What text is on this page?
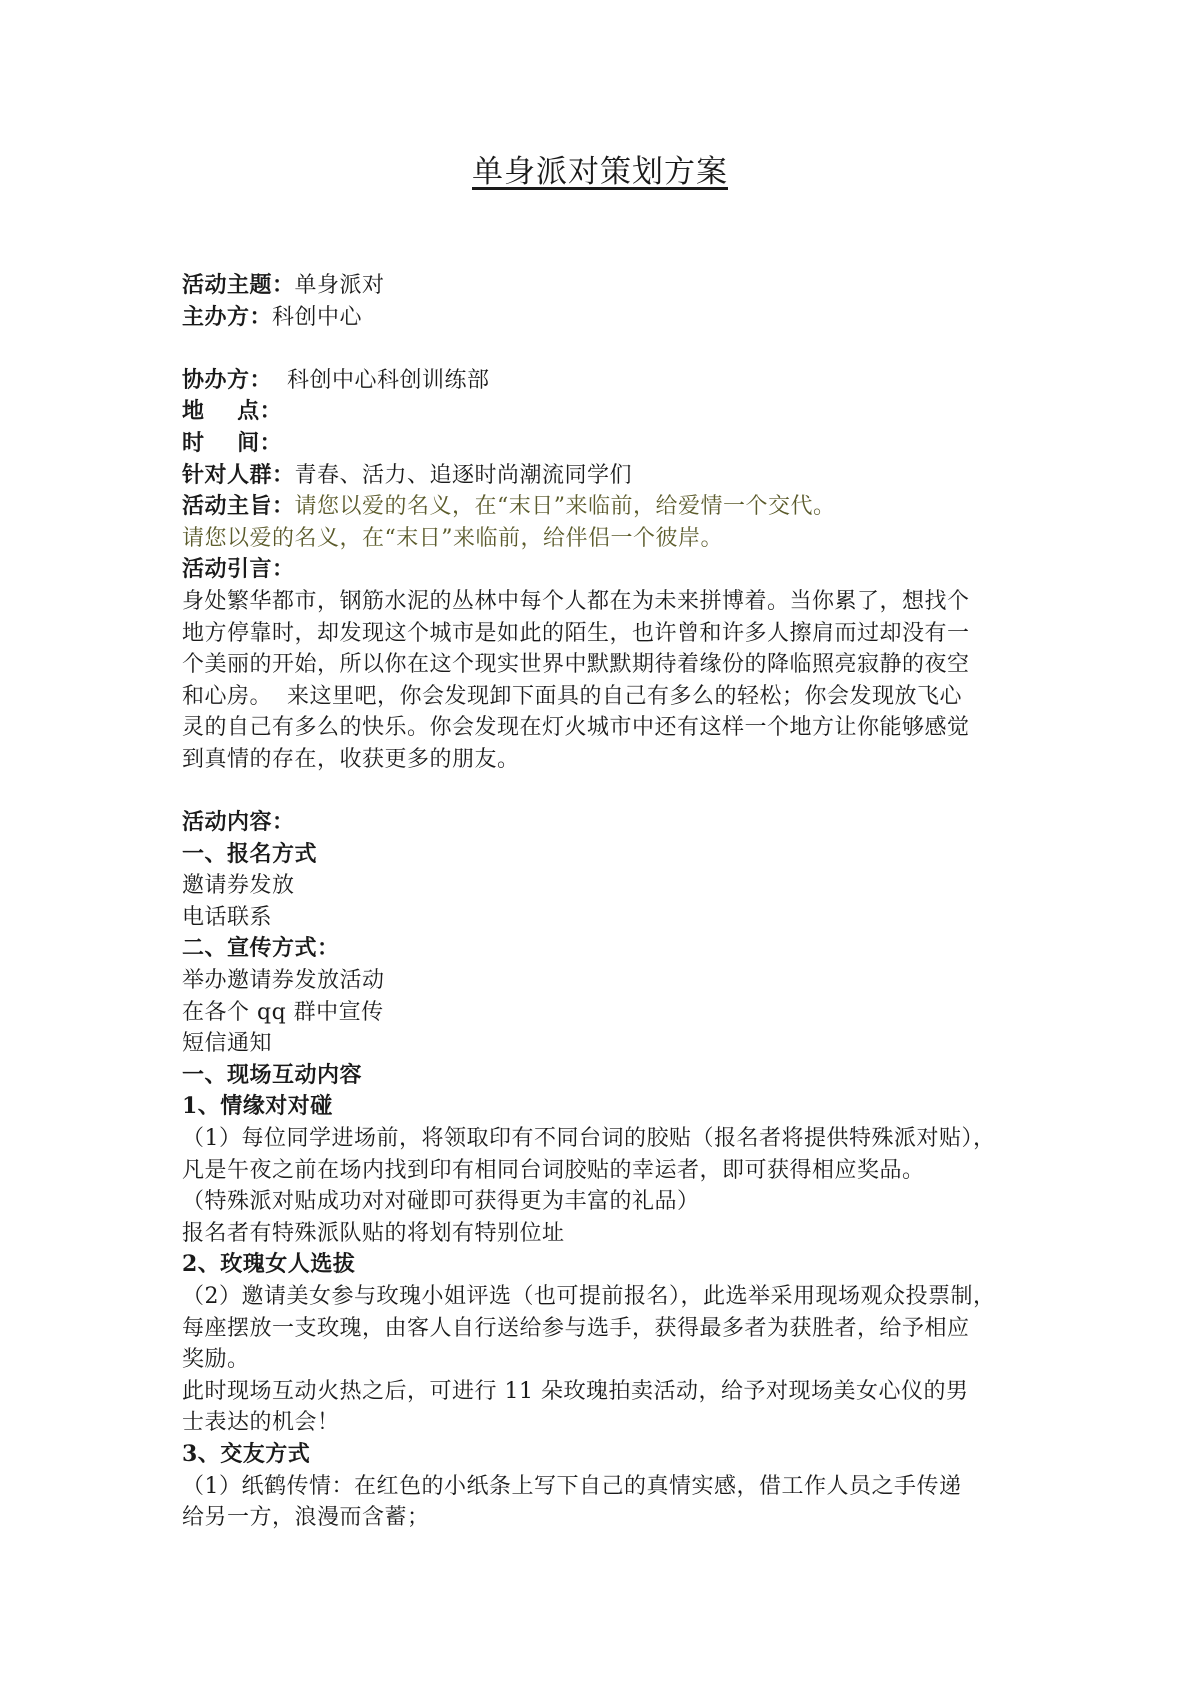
单身派对策划方案
活动主题：单身派对
主办方：科创中心
协办方：  科创中心科创训练部
地    点：
时    间：
针对人群：青春、活力、追逐时尚潮流同学们
活动主旨：请您以爱的名义，在“末日”来临前，给爱情一个交代。
请您以爱的名义，在“末日”来临前，给伴侣一个彼岸。
活动引言：
身处繁华都市，钢筋水泥的丛林中每个人都在为未来拼博着。当你累了，想找个
地方停靠时，却发现这个城市是如此的陌生，也许曾和许多人擦肩而过却没有一
个美丽的开始，所以你在这个现实世界中默默期待着缘份的降临照亮寂静的夜空
和心房。  来这里吧，你会发现卸下面具的自己有多么的轻松；你会发现放飞心
灵的自己有多么的快乐。你会发现在灯火城市中还有这样一个地方让你能够感觉
到真情的存在，收获更多的朋友。
活动内容：
一、报名方式
邀请券发放
电话联系
二、宣传方式：
举办邀请券发放活动
在各个 qq 群中宣传
短信通知
一、现场互动内容
1、情缘对对碰
（1）每位同学进场前，将领取印有不同台词的胶贴（报名者将提供特殊派对贴），
凡是午夜之前在场内找到印有相同台词胶贴的幸运者，即可获得相应奖品。
（特殊派对贴成功对对碰即可获得更为丰富的礼品）
报名者有特殊派队贴的将划有特别位址
2、玫瑰女人选拔
（2）邀请美女参与玫瑰小姐评选（也可提前报名），此选举采用现场观众投票制，
每座摆放一支玫瑰，由客人自行送给参与选手，获得最多者为获胜者，给予相应
奖励。
此时现场互动火热之后，可进行 11 朵玫瑰拍卖活动，给予对现场美女心仪的男
士表达的机会！
3、交友方式
（1）纸鹤传情：在红色的小纸条上写下自己的真情实感，借工作人员之手传递
给另一方，浪漫而含蓄；
